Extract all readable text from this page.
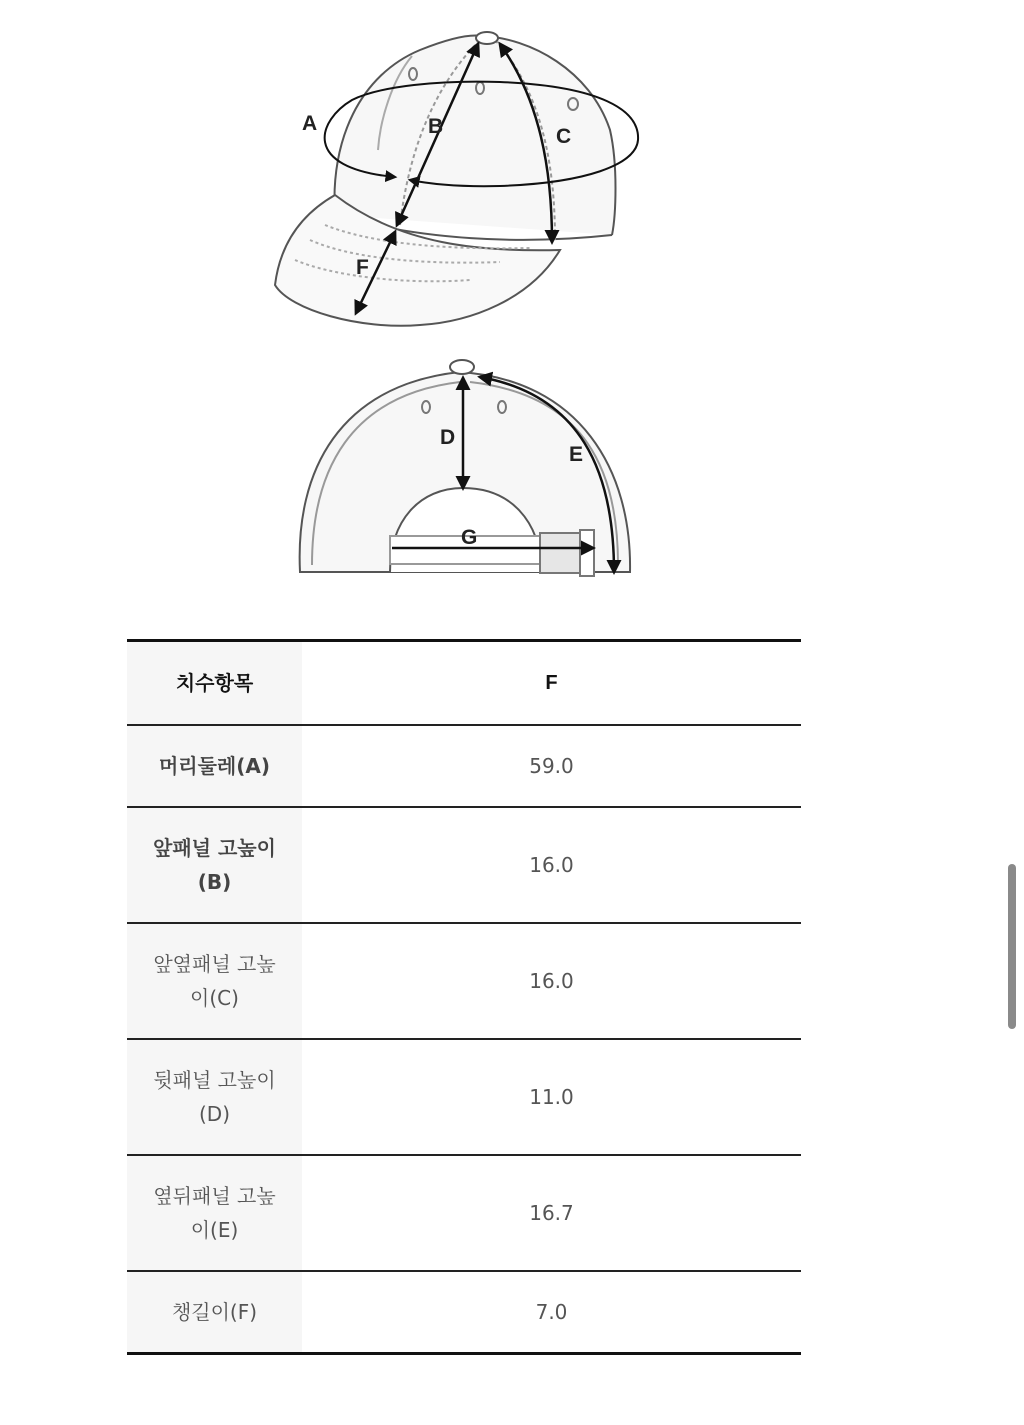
A	B	C
F
D
E
G
치수항목	F
머리둘레(A)	59.0
앞패널 고높이(B)	16.0
앞옆패널 고높이(C)	16.0
뒷패널 고높이(D)	11.0
옆뒤패널 고높이(E)	16.7
챙길이(F)	7.0
